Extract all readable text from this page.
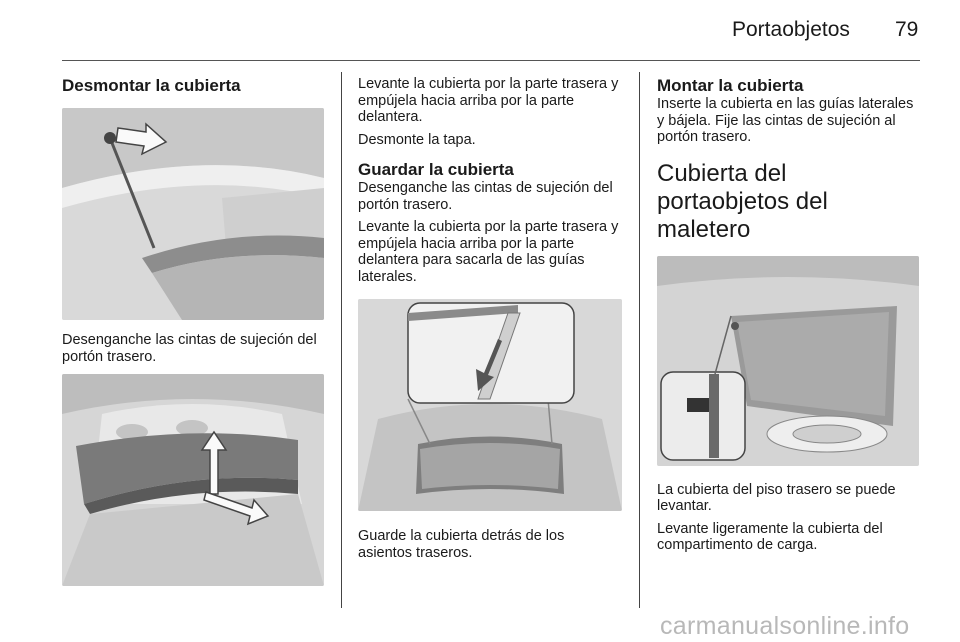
Portaobjetos 79
Desmontar la cubierta

Desenganche las cintas de sujeción del portón trasero.

Levante la cubierta por la parte trasera y empújela hacia arriba por la parte delantera.

Desmonte la tapa.

Guardar la cubierta

Desenganche las cintas de sujeción del portón trasero.

Levante la cubierta por la parte trasera y empújela hacia arriba por la parte delantera para sacarla de las guías laterales.

Guarde la cubierta detrás de los asientos traseros.

Montar la cubierta

Inserte la cubierta en las guías laterales y bájela. Fije las cintas de sujeción al portón trasero.

Cubierta del portaobjetos del maletero

La cubierta del piso trasero se puede levantar.

Levante ligeramente la cubierta del compartimento de carga.

carmanualsonline.info
